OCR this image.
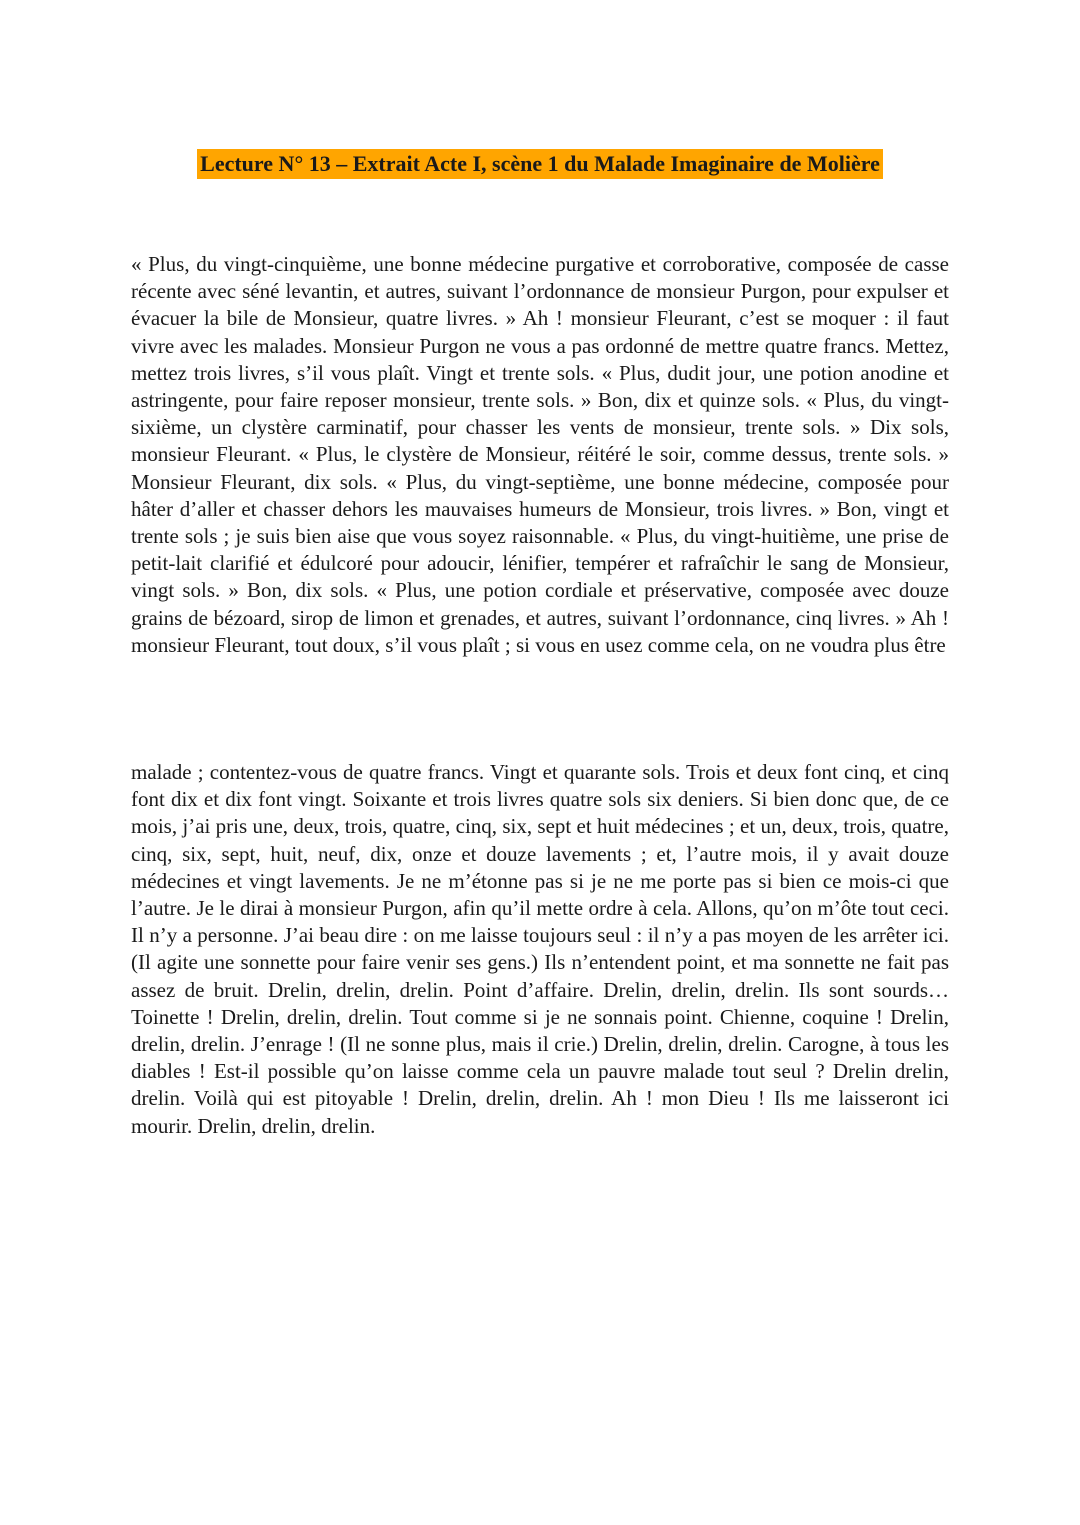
Lecture N° 13 – Extrait Acte I, scène 1 du Malade Imaginaire de Molière

« Plus, du vingt-cinquième, une bonne médecine purgative et corroborative, composée de casse récente avec séné levantin, et autres, suivant l’ordonnance de monsieur Purgon, pour expulser et évacuer la bile de Monsieur, quatre livres. » Ah ! monsieur Fleurant, c’est se moquer : il faut vivre avec les malades. Monsieur Purgon ne vous a pas ordonné de mettre quatre francs. Mettez, mettez trois livres, s’il vous plaît. Vingt et trente sols. « Plus, dudit jour, une potion anodine et astringente, pour faire reposer monsieur, trente sols. » Bon, dix et quinze sols. « Plus, du vingt-sixième, un clystère carminatif, pour chasser les vents de monsieur, trente sols. » Dix sols, monsieur Fleurant. « Plus, le clystère de Monsieur, réitéré le soir, comme dessus, trente sols. » Monsieur Fleurant, dix sols. « Plus, du vingt-septième, une bonne médecine, composée pour hâter d’aller et chasser dehors les mauvaises humeurs de Monsieur, trois livres. » Bon, vingt et trente sols ; je suis bien aise que vous soyez raisonnable. « Plus, du vingt-huitième, une prise de petit-lait clarifié et édulcoré pour adoucir, lénifier, tempérer et rafraîchir le sang de Monsieur, vingt sols. » Bon, dix sols. « Plus, une potion cordiale et préservative, composée avec douze grains de bézoard, sirop de limon et grenades, et autres, suivant l’ordonnance, cinq livres. » Ah ! monsieur Fleurant, tout doux, s’il vous plaît ; si vous en usez comme cela, on ne voudra plus être

malade ; contentez-vous de quatre francs. Vingt et quarante sols. Trois et deux font cinq, et cinq font dix et dix font vingt. Soixante et trois livres quatre sols six deniers. Si bien donc que, de ce mois, j’ai pris une, deux, trois, quatre, cinq, six, sept et huit médecines ; et un, deux, trois, quatre, cinq, six, sept, huit, neuf, dix, onze et douze lavements ; et, l’autre mois, il y avait douze médecines et vingt lavements. Je ne m’étonne pas si je ne me porte pas si bien ce mois-ci que l’autre. Je le dirai à monsieur Purgon, afin qu’il mette ordre à cela. Allons, qu’on m’ôte tout ceci. Il n’y a personne. J’ai beau dire : on me laisse toujours seul : il n’y a pas moyen de les arrêter ici. (Il agite une sonnette pour faire venir ses gens.) Ils n’entendent point, et ma sonnette ne fait pas assez de bruit. Drelin, drelin, drelin. Point d’affaire. Drelin, drelin, drelin. Ils sont sourds… Toinette ! Drelin, drelin, drelin. Tout comme si je ne sonnais point. Chienne, coquine ! Drelin, drelin, drelin. J’enrage ! (Il ne sonne plus, mais il crie.) Drelin, drelin, drelin. Carogne, à tous les diables ! Est-il possible qu’on laisse comme cela un pauvre malade tout seul ? Drelin drelin, drelin. Voilà qui est pitoyable ! Drelin, drelin, drelin. Ah ! mon Dieu ! Ils me laisseront ici mourir. Drelin, drelin, drelin.
